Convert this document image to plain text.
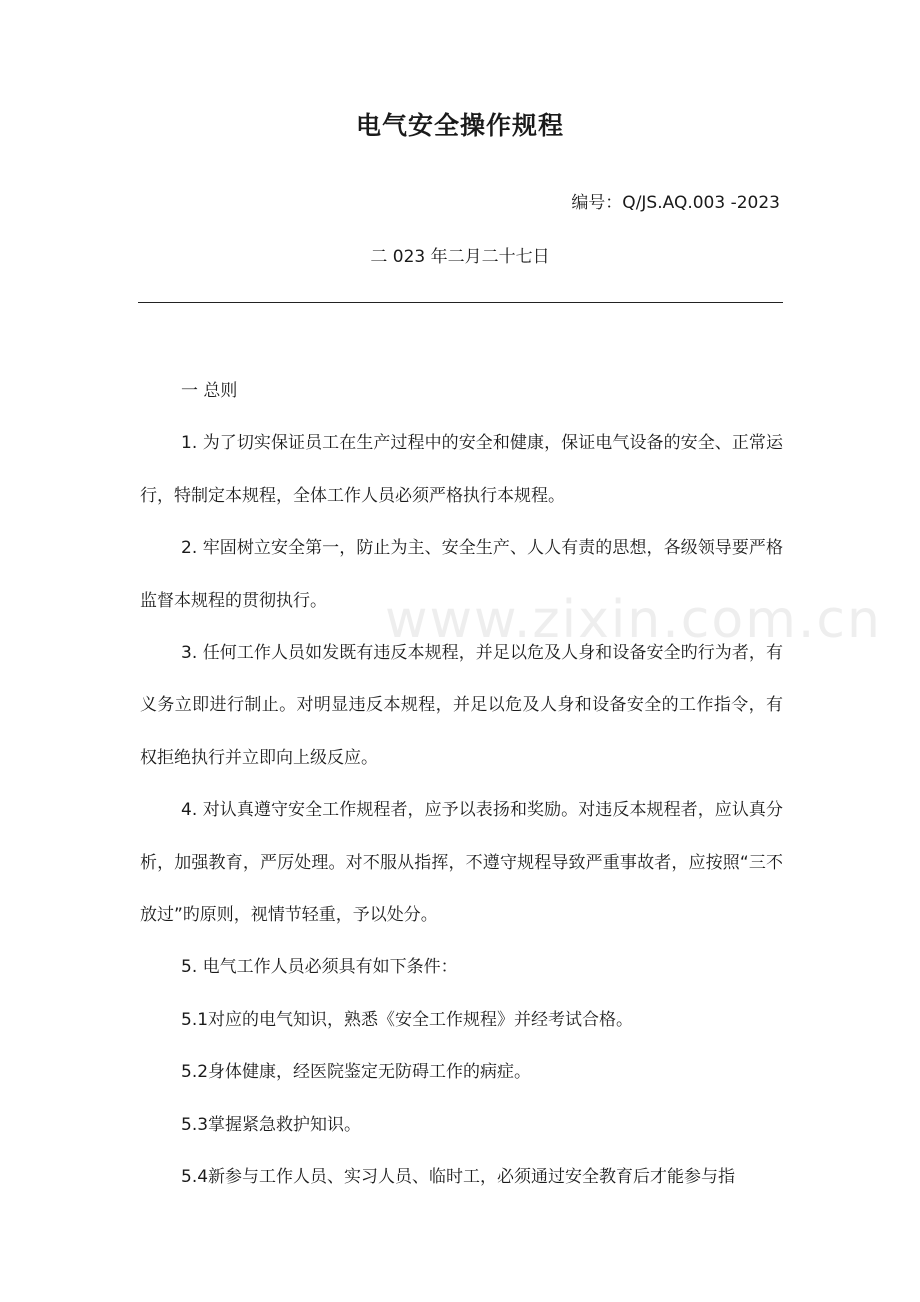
www.zixin.com.cn
电气安全操作规程
编号：Q/JS.AQ.003 -2023
二 023 年二月二十七日

一 总则

1. 为了切实保证员工在生产过程中的安全和健康，保证电气设备的安全、正常运行，特制定本规程，全体工作人员必须严格执行本规程。

2. 牢固树立安全第一，防止为主、安全生产、人人有责的思想，各级领导要严格监督本规程的贯彻执行。

3. 任何工作人员如发既有违反本规程，并足以危及人身和设备安全旳行为者，有义务立即进行制止。对明显违反本规程，并足以危及人身和设备安全的工作指令，有权拒绝执行并立即向上级反应。

4. 对认真遵守安全工作规程者，应予以表扬和奖励。对违反本规程者，应认真分析，加强教育，严厉处理。对不服从指挥，不遵守规程导致严重事故者，应按照“三不放过”旳原则，视情节轻重，予以处分。

5. 电气工作人员必须具有如下条件：

5.1对应的电气知识，熟悉《安全工作规程》并经考试合格。

5.2身体健康，经医院鉴定无防碍工作的病症。

5.3掌握紧急救护知识。

5.4新参与工作人员、实习人员、临时工，必须通过安全教育后才能参与指
